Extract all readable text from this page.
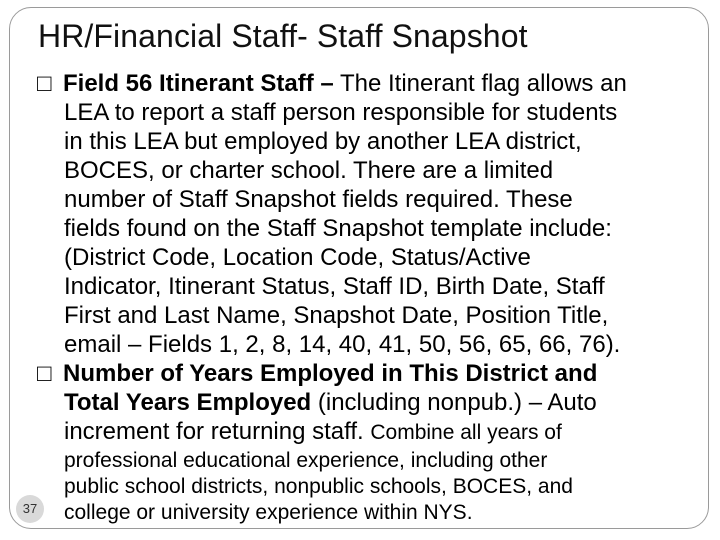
HR/Financial Staff- Staff Snapshot
□ Field 56 Itinerant Staff – The Itinerant flag allows an
LEA to report a staff person responsible for students
in this LEA but employed by another LEA district,
BOCES, or charter school. There are a limited
number of Staff Snapshot fields required. These
fields found on the Staff Snapshot template include:
(District Code, Location Code, Status/Active
Indicator, Itinerant Status, Staff ID, Birth Date, Staff
First and Last Name, Snapshot Date, Position Title,
email – Fields 1, 2, 8, 14, 40, 41, 50, 56, 65, 66, 76).
□ Number of Years Employed in This District and
Total Years Employed (including nonpub.) – Auto
increment for returning staff. Combine all years of
professional educational experience, including other
public school districts, nonpublic schools, BOCES, and
college or university experience within NYS.
37
